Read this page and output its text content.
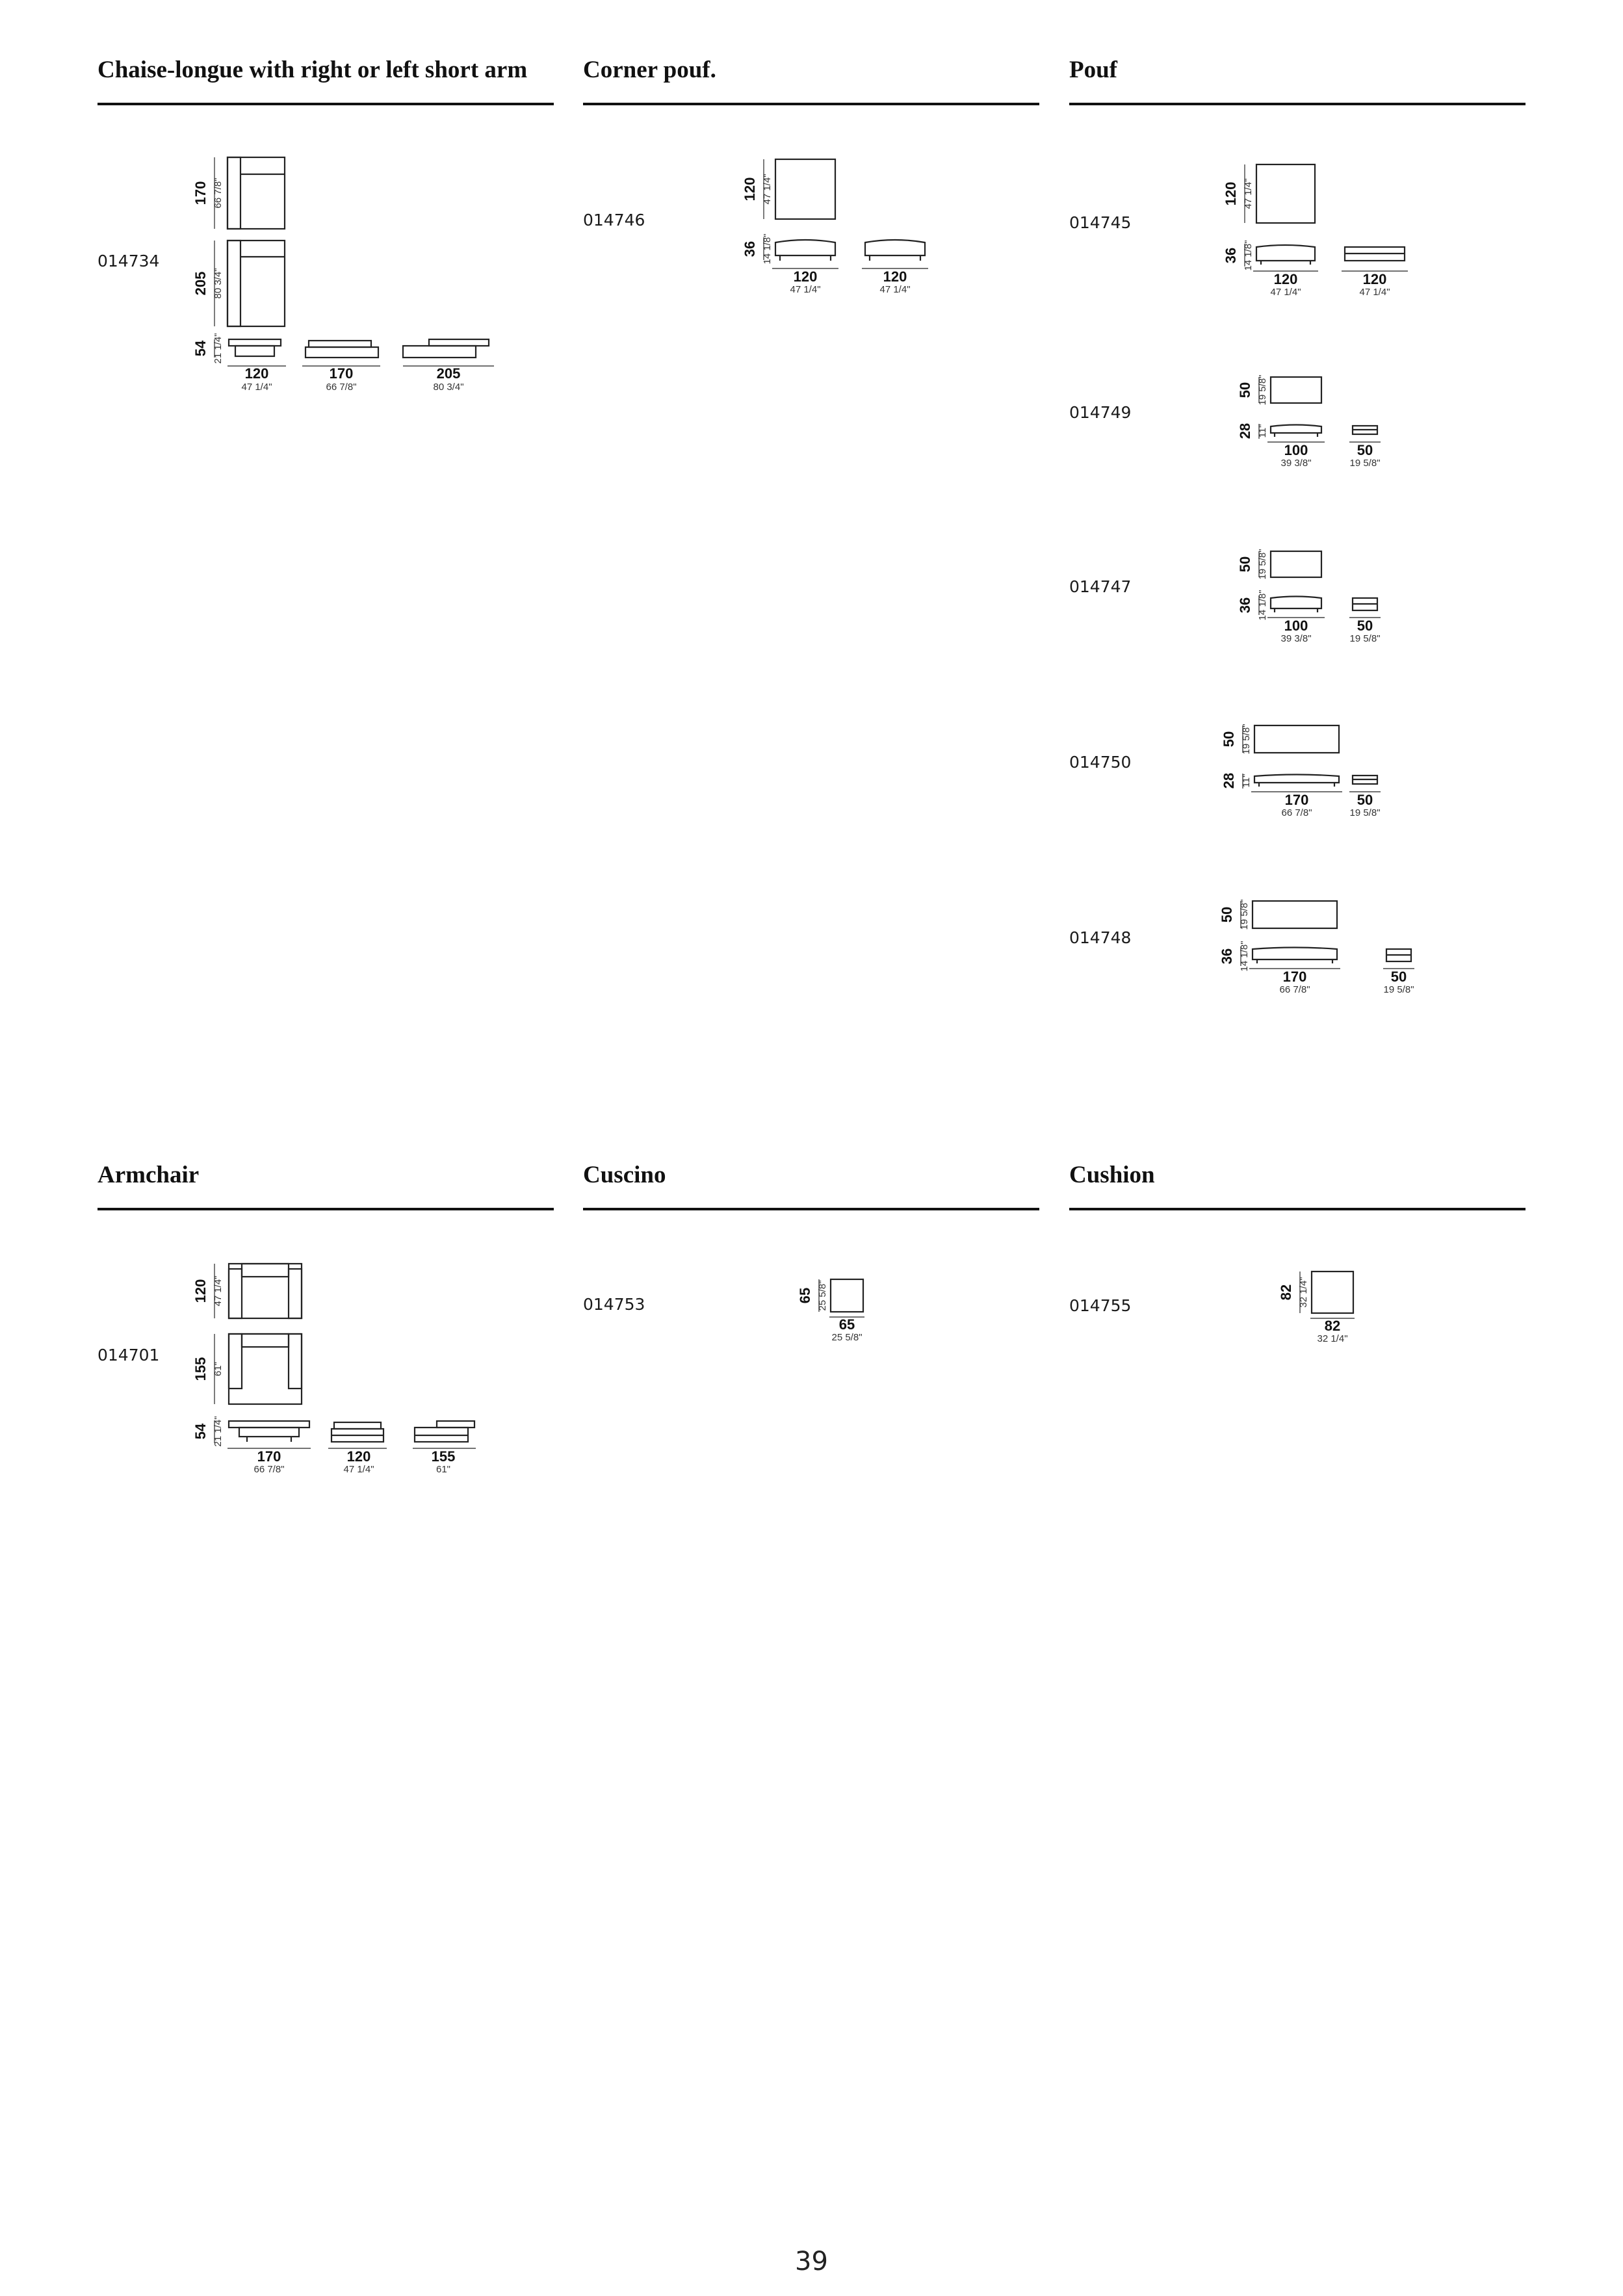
Chaise-longue with right or left short arm Corner pouf.	Pouf
Armchair	Cuscino	Cushion
014734
170 66 7/8"
205 80 3/4"
54 21 1/4"
120
47 1/4"
170
66 7/8"
205
80 3/4"
014746
120 47 1/4"
36 14 1/8"
120
47 1/4"
120
47 1/4"
014745
120 47 1/4"
36 14 1/8"
120
47 1/4"
120
47 1/4"
014749
50 19 5/8"
28 11"
100
39 3/8"
50
19 5/8"
014747
50 19 5/8"
36 14 1/8"
100
39 3/8"
50
19 5/8"
014750
50 19 5/8"
28 11"
170
66 7/8"
50
19 5/8"
014748
50 19 5/8"
36 14 1/8"
170
66 7/8"
50
19 5/8"
014701
120 47 1/4"
155 61"
54 21 1/4"
170
66 7/8"
120
47 1/4"
155
61"
014753	65 25 5/8"
65
25 5/8"
014755
82 32 1/4"
82
32 1/4"
39
